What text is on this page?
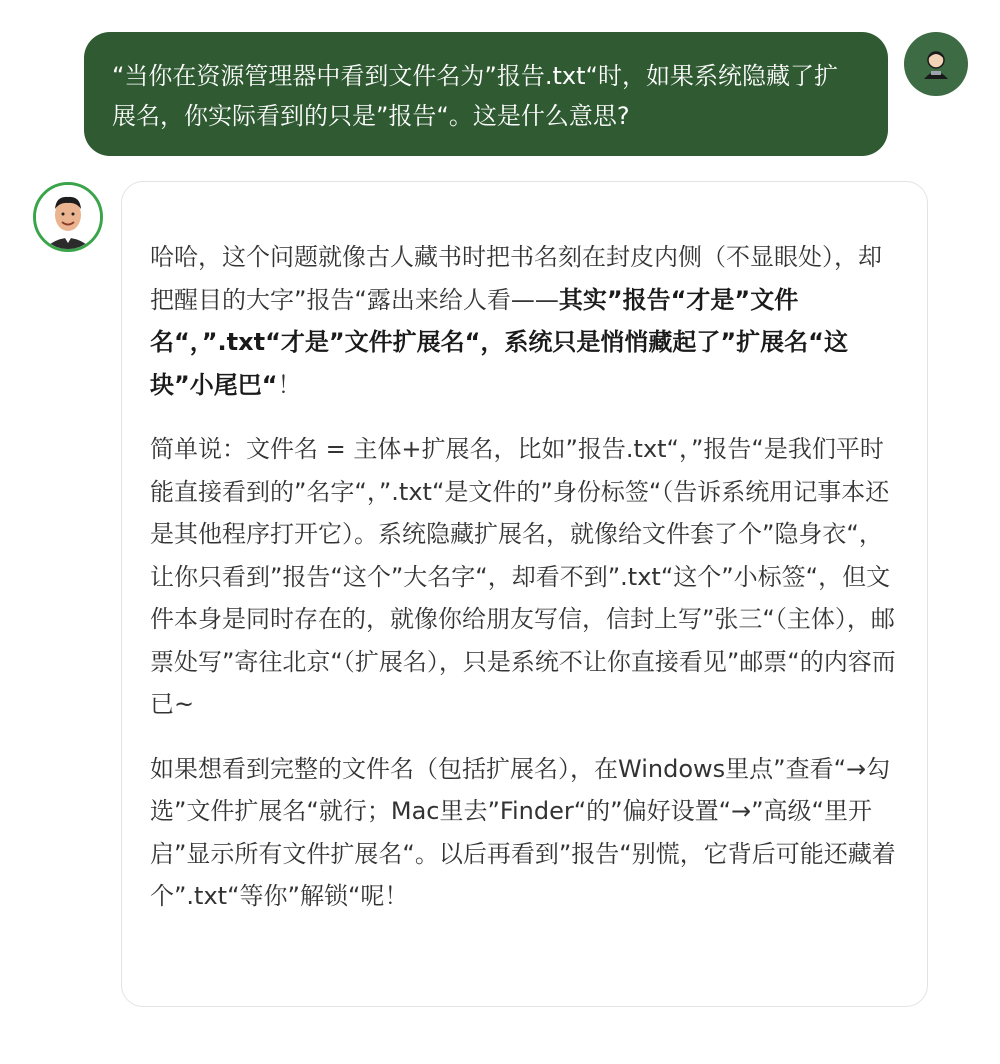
“当你在资源管理器中看到文件名为”报告.txt“时，如果系统隐藏了扩展名，你实际看到的只是”报告“。这是什么意思?

哈哈，这个问题就像古人藏书时把书名刻在封皮内侧（不显眼处），却把醒目的大字”报告“露出来给人看——其实”报告“才是”文件名“，”.txt“才是”文件扩展名“，系统只是悄悄藏起了”扩展名“这块”小尾巴“！

简单说：文件名 = 主体+扩展名，比如”报告.txt“，”报告“是我们平时能直接看到的”名字“，”.txt“是文件的”身份标签“（告诉系统用记事本还是其他程序打开它）。系统隐藏扩展名，就像给文件套了个”隐身衣“，让你只看到”报告“这个”大名字“，却看不到”.txt“这个”小标签“，但文件本身是同时存在的，就像你给朋友写信，信封上写”张三“（主体），邮票处写”寄往北京“（扩展名），只是系统不让你直接看见”邮票“的内容而已~

如果想看到完整的文件名（包括扩展名），在Windows里点”查看“→勾选”文件扩展名“就行；Mac里去”Finder“的”偏好设置“→”高级“里开启”显示所有文件扩展名“。以后再看到”报告“别慌，它背后可能还藏着个”.txt“等你”解锁“呢！
